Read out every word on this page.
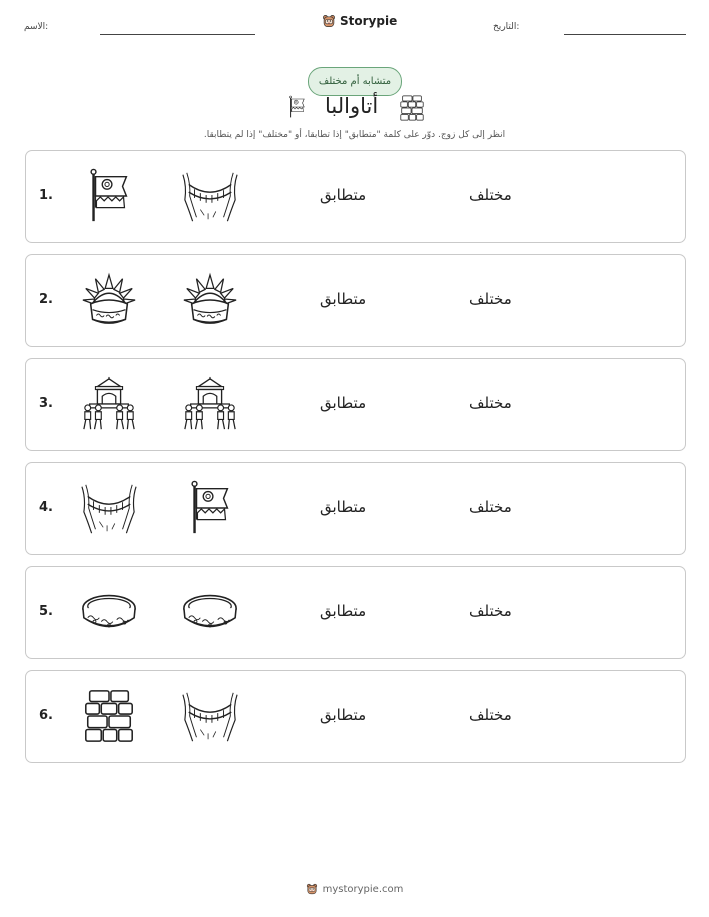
الاسم:	Storypie	التاريخ:
متشابه أم مختلف
أتاوالبا
انظر إلى كل زوج. دوّر على كلمة "متطابق" إذا تطابقا، أو "مختلف" إذا لم يتطابقا.
1.	متطابق	مختلف
2.	متطابق	مختلف
3.	متطابق	مختلف
4.	متطابق	مختلف
5.	متطابق	مختلف
6.	متطابق	مختلف
mystorypie.com
